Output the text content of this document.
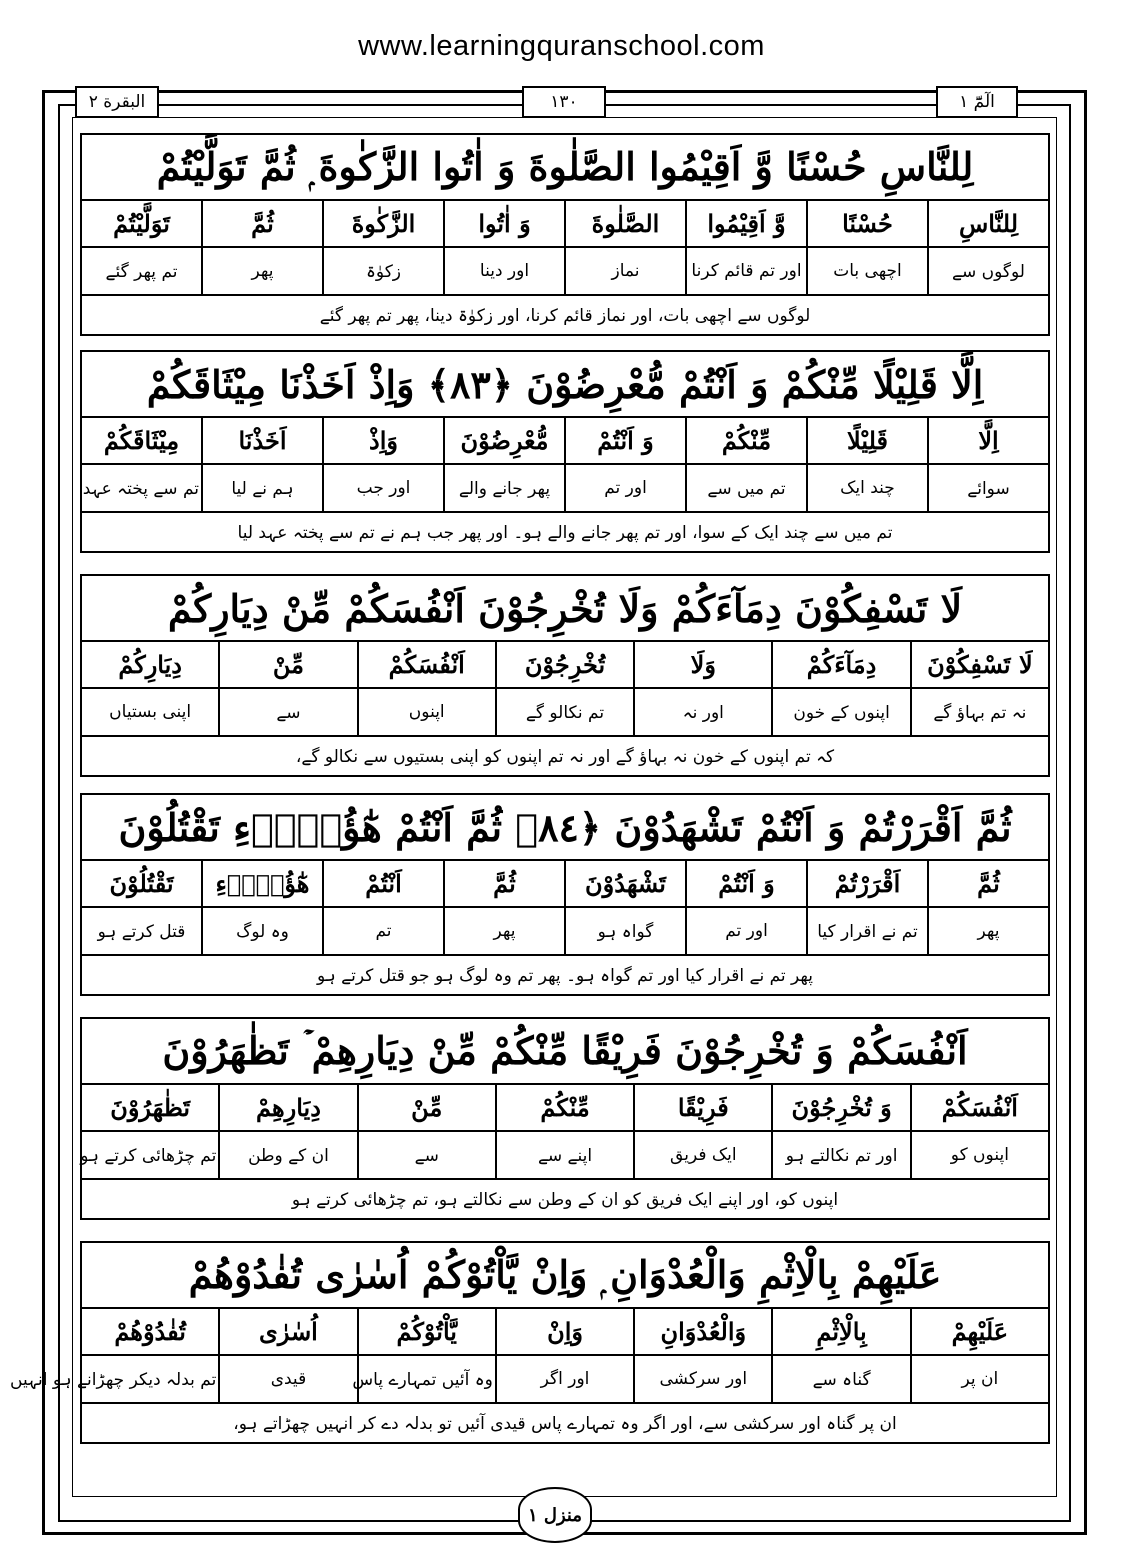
www.learningquranschool.com
البقرة ٢	١٣٠	الٓمّٓ ١
لِلنَّاسِ حُسْنًا وَّ اَقِيْمُوا الصَّلٰوةَ وَ اٰتُوا الزَّكٰوةَ ۭ ثُمَّ تَوَلَّيْتُمْ
لِلنَّاسِ	حُسْنًا	وَّ اَقِيْمُوا	الصَّلٰوةَ	وَ اٰتُوا	الزَّكٰوةَ	ثُمَّ	تَوَلَّيْتُمْ
لوگوں سے	اچھی بات	اور تم قائم کرنا	نماز	اور دینا	زکوٰۃ	پھر	تم پھر گئے
لوگوں سے اچھی بات، اور نماز قائم کرنا، اور زکوٰۃ دینا، پھر تم پھر گئے
اِلَّا قَلِيْلًا مِّنْكُمْ وَ اَنْتُمْ مُّعْرِضُوْنَ ﴿٨٣﴾ وَاِذْ اَخَذْنَا مِيْثَاقَكُمْ
اِلَّا	قَلِيْلًا	مِّنْكُمْ	وَ اَنْتُمْ	مُّعْرِضُوْنَ	وَاِذْ	اَخَذْنَا	مِيْثَاقَكُمْ
سوائے	چند ایک	تم میں سے	اور تم	پھر جانے والے	اور جب	ہم نے لیا	تم سے پختہ عہد
تم میں سے چند ایک کے سوا، اور تم پھر جانے والے ہو۔ اور پھر جب ہم نے تم سے پختہ عہد لیا
لَا تَسْفِكُوْنَ دِمَآءَكُمْ وَلَا تُخْرِجُوْنَ اَنْفُسَكُمْ مِّنْ دِيَارِكُمْ
لَا تَسْفِكُوْنَ	دِمَآءَكُمْ	وَلَا	تُخْرِجُوْنَ	اَنْفُسَكُمْ	مِّنْ	دِيَارِكُمْ
نہ تم بہاؤ گے	اپنوں کے خون	اور نہ	تم نکالو گے	اپنوں	سے	اپنی بستیاں
کہ تم اپنوں کے خون نہ بہاؤ گے اور نہ تم اپنوں کو اپنی بستیوں سے نکالو گے،
ثُمَّ اَقْرَرْتُمْ وَ اَنْتُمْ تَشْهَدُوْنَ ﴿٨٤﴾ ثُمَّ اَنْتُمْ هٰٓؤُلَاۤءِ تَقْتُلُوْنَ
ثُمَّ	اَقْرَرْتُمْ	وَ اَنْتُمْ	تَشْهَدُوْنَ	ثُمَّ	اَنْتُمْ	هٰٓؤُلَاۤءِ	تَقْتُلُوْنَ
پھر	تم نے اقرار کیا	اور تم	گواہ ہو	پھر	تم	وہ لوگ	قتل کرتے ہو
پھر تم نے اقرار کیا اور تم گواہ ہو۔ پھر تم وہ لوگ ہو جو قتل کرتے ہو
اَنْفُسَكُمْ وَ تُخْرِجُوْنَ فَرِيْقًا مِّنْكُمْ مِّنْ دِيَارِهِمْ ۡ تَظٰهَرُوْنَ
اَنْفُسَكُمْ	وَ تُخْرِجُوْنَ	فَرِيْقًا	مِّنْكُمْ	مِّنْ	دِيَارِهِمْ	تَظٰهَرُوْنَ
اپنوں کو	اور تم نکالتے ہو	ایک فریق	اپنے سے	سے	ان کے وطن	تم چڑھائی کرتے ہو
اپنوں کو، اور اپنے ایک فریق کو ان کے وطن سے نکالتے ہو، تم چڑھائی کرتے ہو
عَلَيْهِمْ بِالْاِثْمِ وَالْعُدْوَانِ ۭ وَاِنْ يَّاْتُوْكُمْ اُسٰرٰى تُفٰدُوْهُمْ
عَلَيْهِمْ	بِالْاِثْمِ	وَالْعُدْوَانِ	وَاِنْ	يَّاْتُوْكُمْ	اُسٰرٰى	تُفٰدُوْهُمْ
ان پر	گناہ سے	اور سرکشی	اور اگر	وہ آئیں تمہارے پاس	قیدی	تم بدلہ دیکر چھڑانے ہو انہیں
ان پر گناہ اور سرکشی سے، اور اگر وہ تمہارے پاس قیدی آئیں تو بدلہ دے کر انہیں چھڑاتے ہو،
منزل ١
